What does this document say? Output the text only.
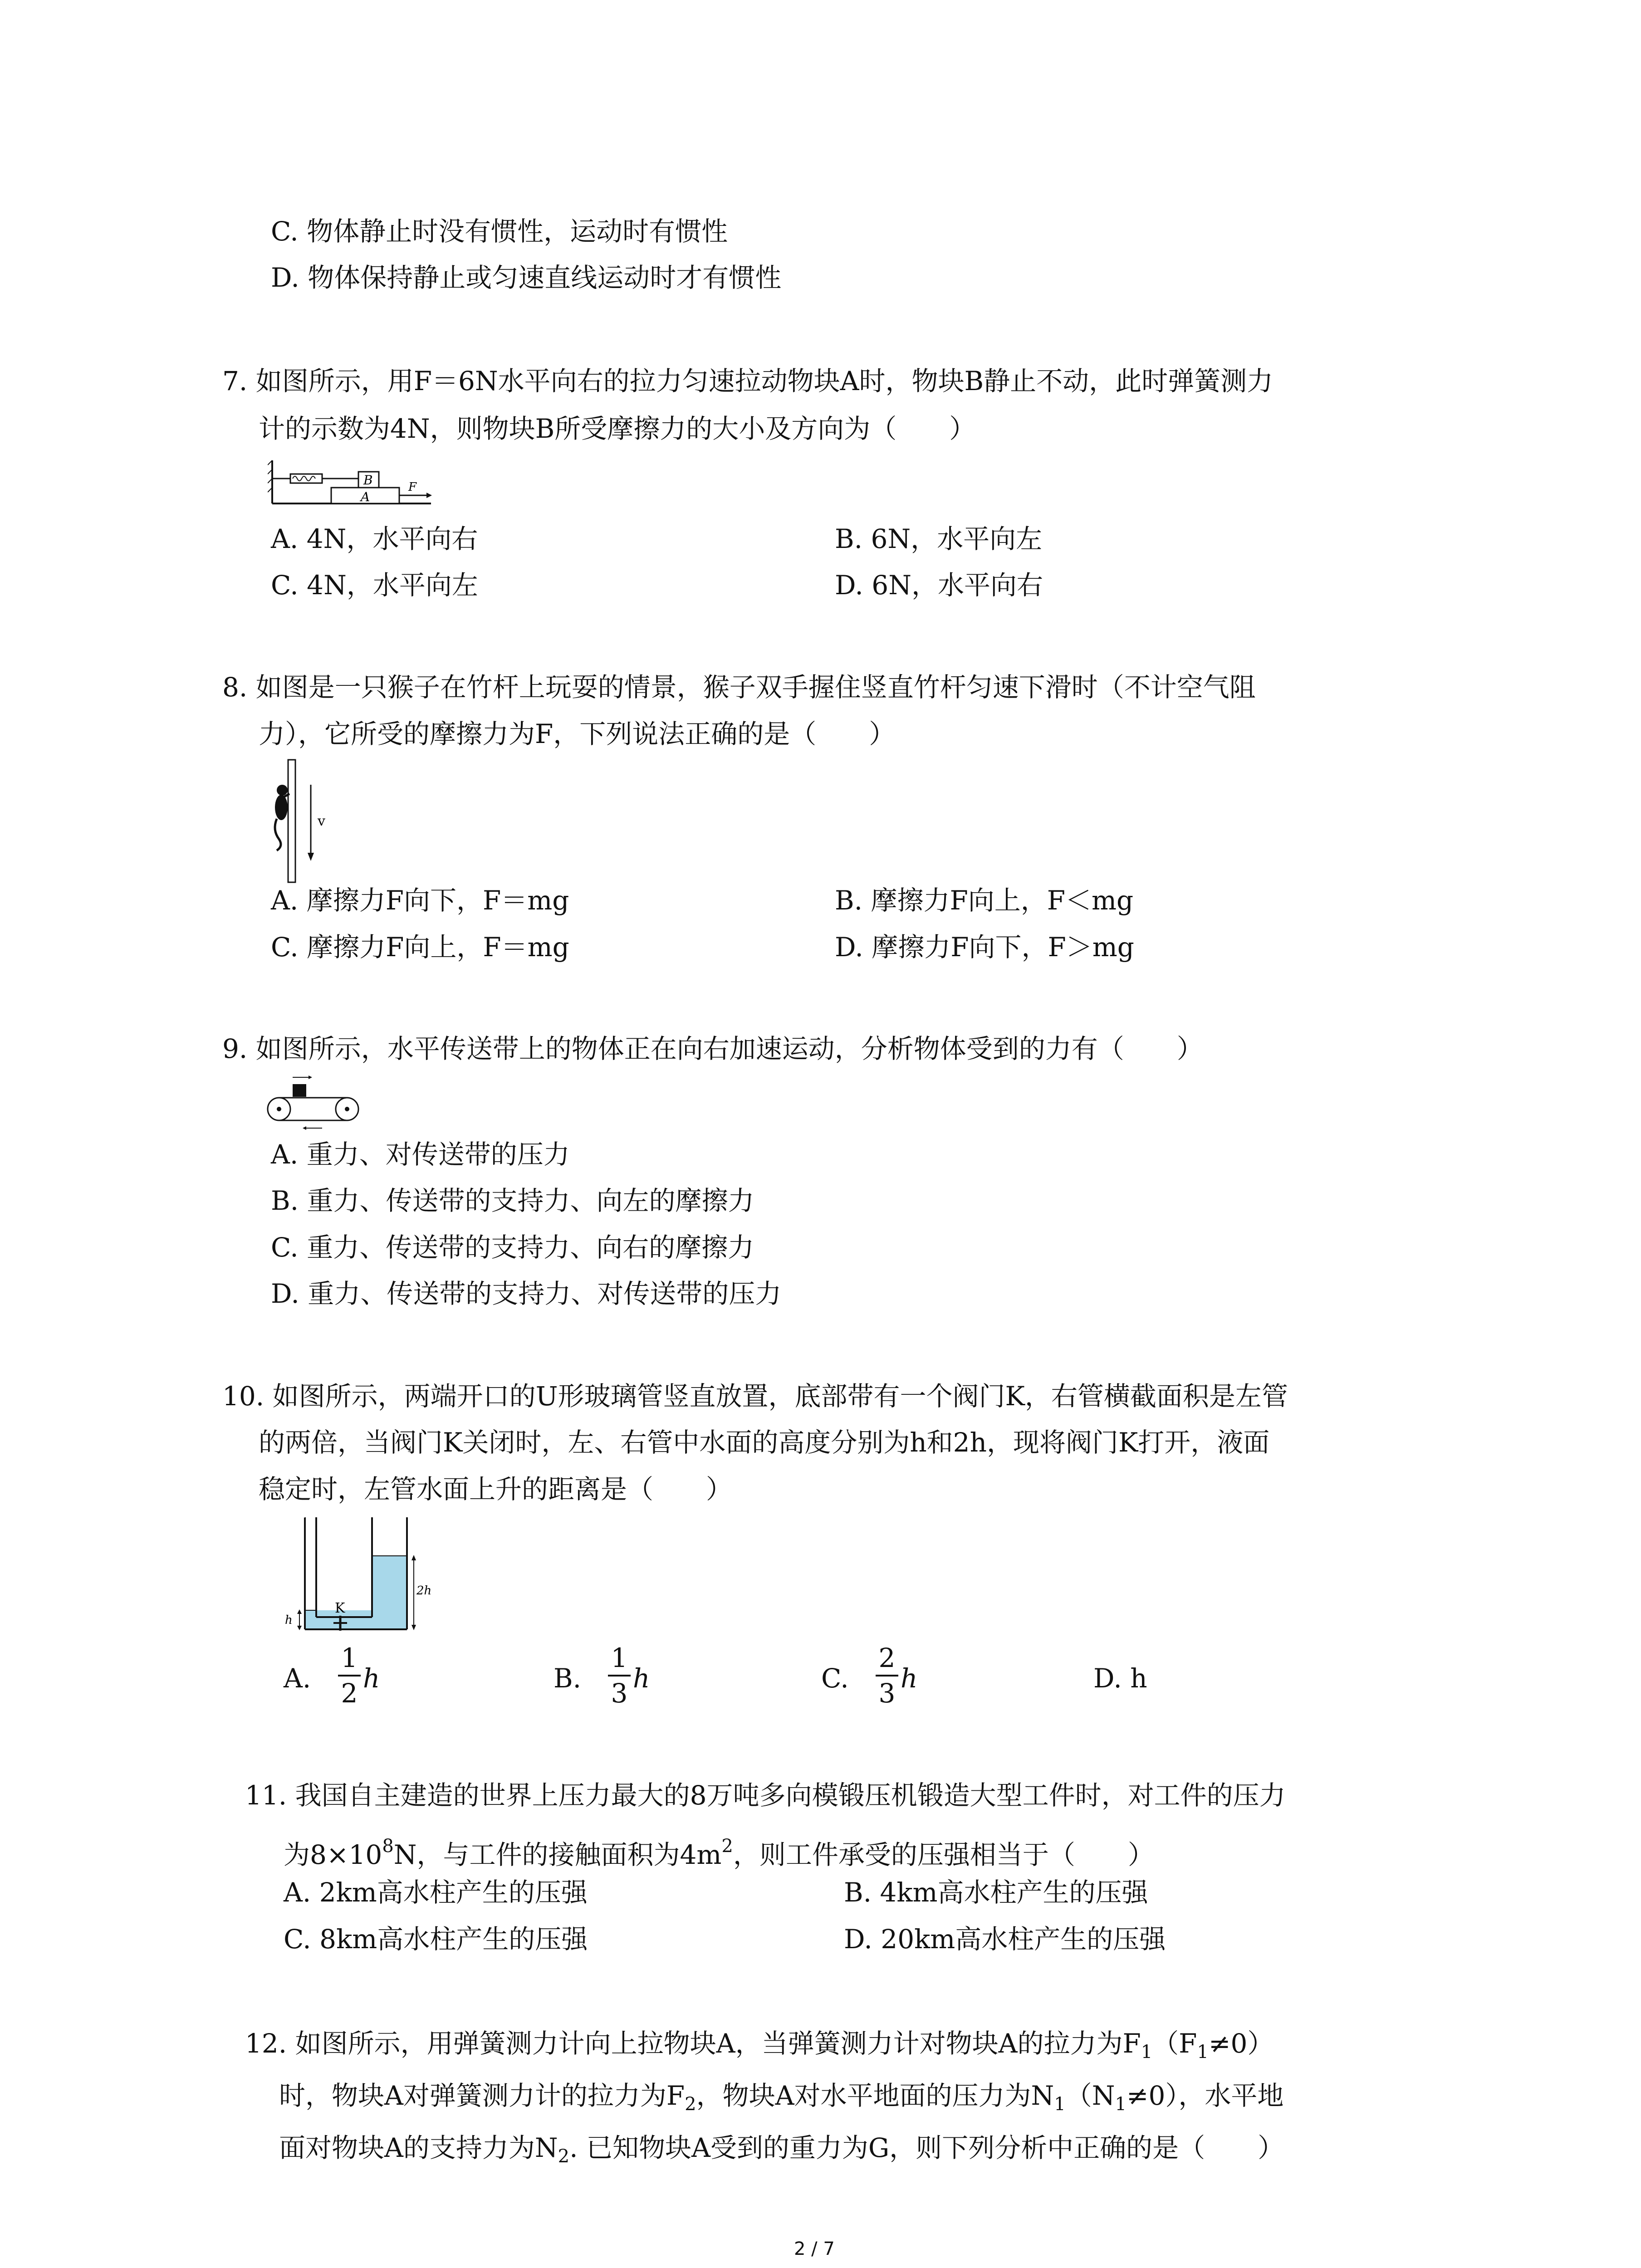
C. 物体静止时没有惯性，运动时有惯性
D. 物体保持静止或匀速直线运动时才有惯性
7. 如图所示，用F＝6N水平向右的拉力匀速拉动物块A时，物块B静止不动，此时弹簧测力
计的示数为4N，则物块B所受摩擦力的大小及方向为（　　）
B
A
F
A. 4N，水平向右	B. 6N，水平向左
C. 4N，水平向左	D. 6N，水平向右
8. 如图是一只猴子在竹杆上玩耍的情景，猴子双手握住竖直竹杆匀速下滑时（不计空气阻
力），它所受的摩擦力为F，下列说法正确的是（　　）
v
A. 摩擦力F向下，F＝mg	B. 摩擦力F向上，F＜mg
C. 摩擦力F向上，F＝mg	D. 摩擦力F向下，F＞mg
9. 如图所示，水平传送带上的物体正在向右加速运动，分析物体受到的力有（　　）
A. 重力、对传送带的压力
B. 重力、传送带的支持力、向左的摩擦力
C. 重力、传送带的支持力、向右的摩擦力
D. 重力、传送带的支持力、对传送带的压力
10. 如图所示，两端开口的U形玻璃管竖直放置，底部带有一个阀门K，右管横截面积是左管
的两倍，当阀门K关闭时，左、右管中水面的高度分别为h和2h，现将阀门K打开，液面
稳定时，左管水面上升的距离是（　　）
K
h
2h
A.
1
2 h	B.
1
3 h	C.
2
3 h	D. h
11. 我国自主建造的世界上压力最大的8万吨多向模锻压机锻造大型工件时，对工件的压力
为$8\times 10^8N$，与工件的接触面积为$4m^2$，则工件承受的压强相当于（　　）
A. 2km高水柱产生的压强	B. 4km高水柱产生的压强
C. 8km高水柱产生的压强	D. 20km高水柱产生的压强
12. 如图所示，用弹簧测力计向上拉物块A，当弹簧测力计对物块A的拉力为$F_1(F_1\ne 0)$
时，物块A对弹簧测力计的拉力为$F_2$，物块A对水平地面的压力为$N_1(N_1\ne 0)$，水平地
面对物块A的支持力为$N_2$. 已知物块A受到的重力为G，则下列分析中正确的是（　　）
2 / 7
